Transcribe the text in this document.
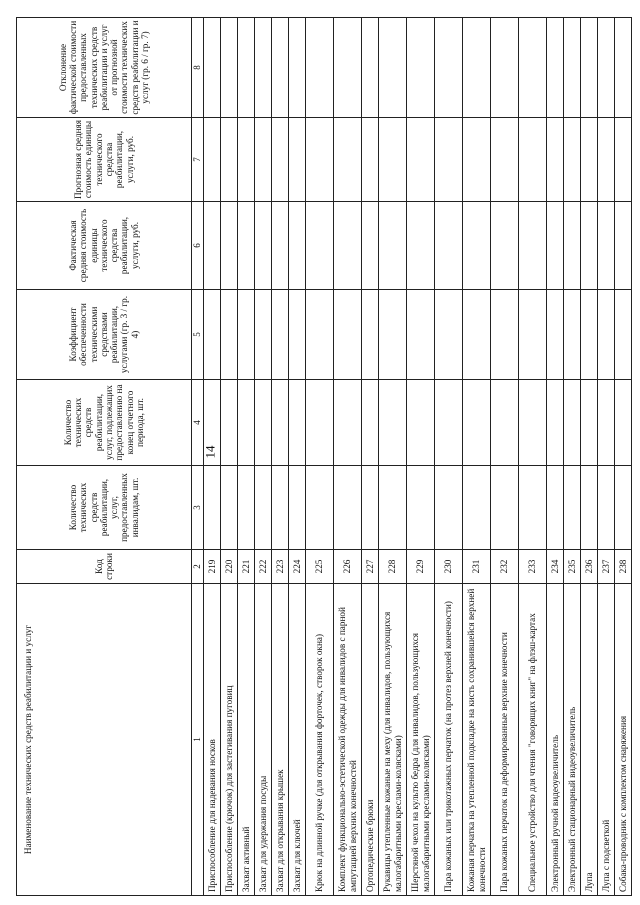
14
Наименование технических средств реабилитации и услуг	Код строки	Количество технических средств реабилитации, услуг, предоставленных инвалидам, шт.	Количество технических средств реабилитации, услуг, подлежащих предоставлению на конец отчетного периода, шт.	Коэффициент обеспеченности техническими средствами реабилитации, услугами (гр. 3 / гр. 4)	Фактическая средняя стоимость единицы технического средства реабилитации, услуги, руб.	Прогнозная средняя стоимость единицы технического средства реабилитации, услуги, руб.	Отклонение фактической стоимости предоставленных технических средств реабилитации и услуг от прогнозной стоимости технических средств реабилитации и услуг (гр. 6 / гр. 7)
1	2	3	4	5	6	7	8
Приспособление для надевания носков	219						
Приспособление (крючок) для застегивания пуговиц	220						
Захват активный	221						
Захват для удержания посуды	222						
Захват для открывания крышек	223						
Захват для ключей	224						
Крюк на длинной ручке (для открывания форточек, створок окна)	225						
Комплект функционально-эстетической одежды для инвалидов с парной ампутацией верхних конечностей	226						
Ортопедические брюки	227						
Рукавицы утепленные кожаные на меху (для инвалидов, пользующихся малогабаритными креслами-колясками)	228						
Шерстяной чехол на культю бедра (для инвалидов, пользующихся малогабаритными креслами-колясками)	229						
Пара кожаных или трикотажных перчаток (на протез верхней конечности)	230						
Кожаная перчатка на утепленной подкладке на кисть сохранившейся верхней конечности	231						
Пара кожаных перчаток на деформированные верхние конечности	232						
Специальное устройство для чтения "говорящих книг" на флэш-картах	233						
Электронный ручной видеоувеличитель	234						
Электронный стационарный видеоувеличитель	235						
Лупа	236						
Лупа с подсветкой	237						
Собака-проводник с комплектом снаряжения	238						
